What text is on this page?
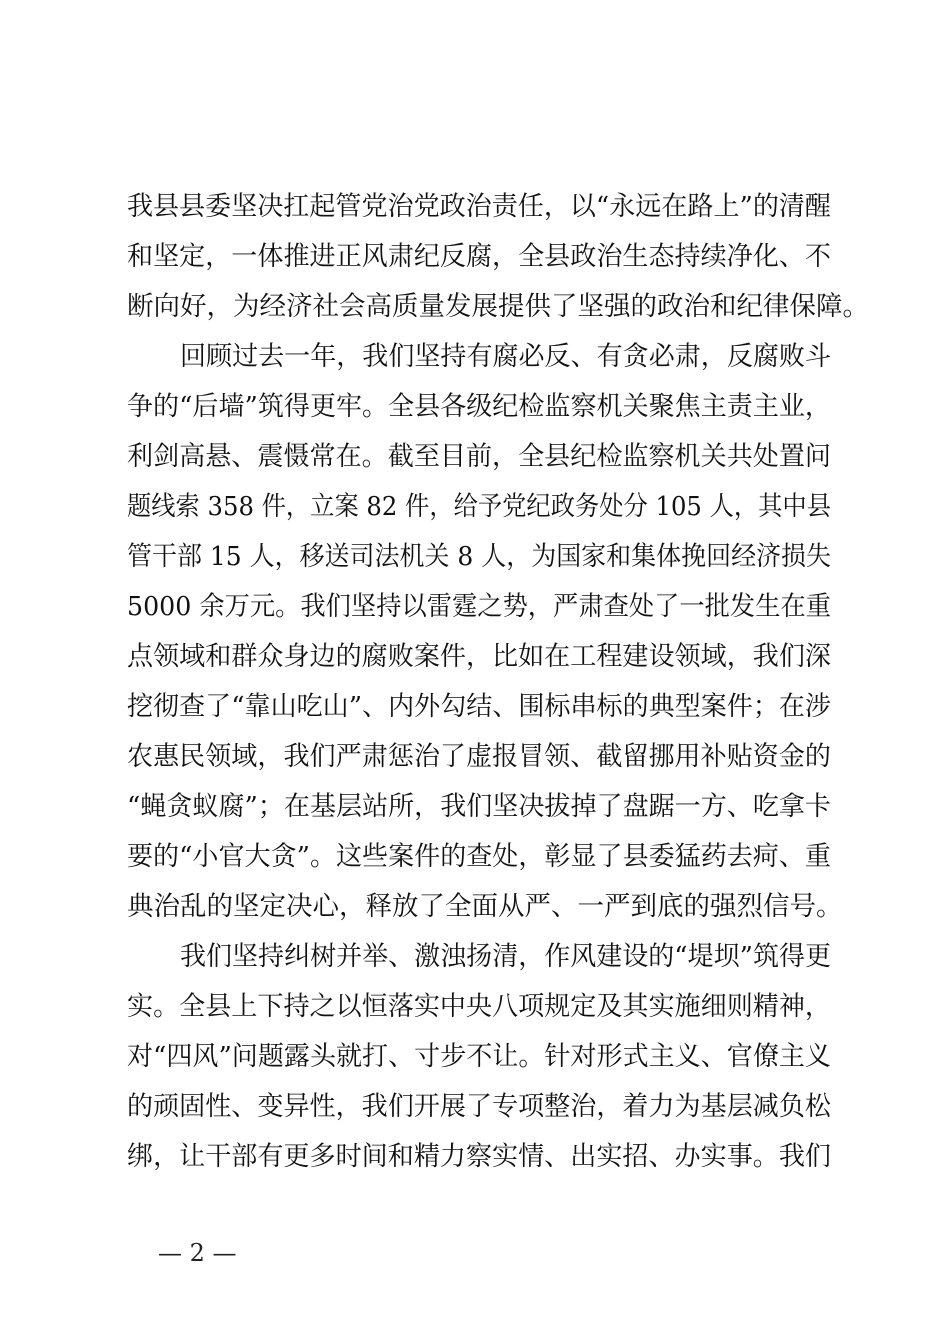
我县县委坚决扛起管党治党政治责任，以“永远在路上”的清醒
和坚定，一体推进正风肃纪反腐，全县政治生态持续净化、不
断向好，为经济社会高质量发展提供了坚强的政治和纪律保障。
回顾过去一年，我们坚持有腐必反、有贪必肃，反腐败斗
争的“后墙”筑得更牢。全县各级纪检监察机关聚焦主责主业，
利剑高悬、震慑常在。截至目前，全县纪检监察机关共处置问
题线索 358 件，立案 82 件，给予党纪政务处分 105 人，其中县
管干部 15 人，移送司法机关 8 人，为国家和集体挽回经济损失
5000 余万元。我们坚持以雷霆之势，严肃查处了一批发生在重
点领域和群众身边的腐败案件，比如在工程建设领域，我们深
挖彻查了“靠山吃山”、内外勾结、围标串标的典型案件；在涉
农惠民领域，我们严肃惩治了虚报冒领、截留挪用补贴资金的
“蝇贪蚁腐”；在基层站所，我们坚决拔掉了盘踞一方、吃拿卡
要的“小官大贪”。这些案件的查处，彰显了县委猛药去疴、重
典治乱的坚定决心，释放了全面从严、一严到底的强烈信号。
我们坚持纠树并举、激浊扬清，作风建设的“堤坝”筑得更
实。全县上下持之以恒落实中央八项规定及其实施细则精神，
对“四风”问题露头就打、寸步不让。针对形式主义、官僚主义
的顽固性、变异性，我们开展了专项整治，着力为基层减负松
绑，让干部有更多时间和精力察实情、出实招、办实事。我们
— 2 —
